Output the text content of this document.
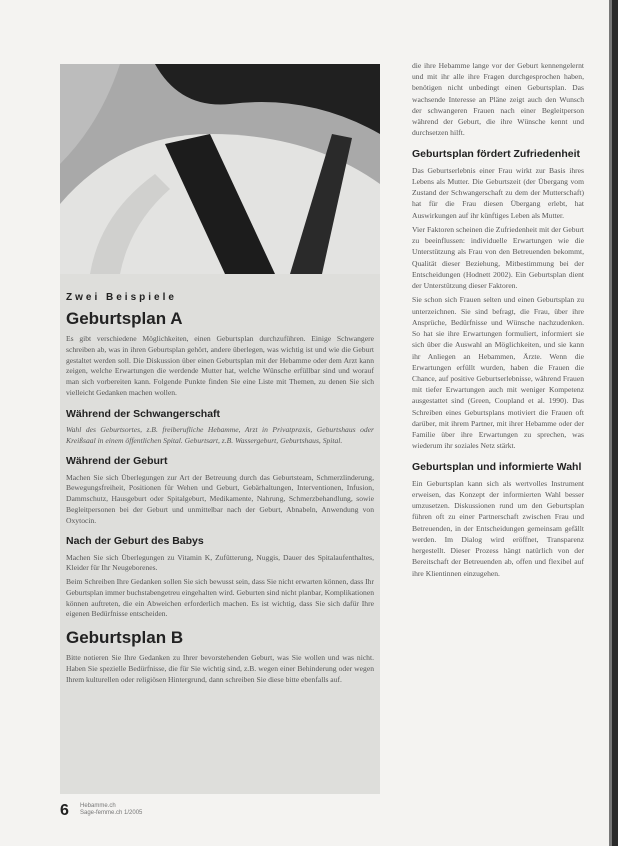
Zwei Beispiele
Geburtsplan A

Es gibt verschiedene Möglichkeiten, einen Geburtsplan durchzuführen. Einige Schwangere schreiben ab, was in ihren Geburtsplan gehört, andere überlegen, was wichtig ist und wie die Geburt gestaltet werden soll. Die Diskussion über einen Geburtsplan mit der Hebamme oder dem Arzt kann zeigen, welche Erwartungen die werdende Mutter hat, welche Wünsche erfüllbar sind und worauf man sich vorbereiten kann. Folgende Punkte finden Sie eine Liste mit Themen, zu denen Sie sich vielleicht Gedanken machen wollen.

Während der Schwangerschaft

Wahl des Geburtsortes, z.B. freiberufliche Hebamme, Arzt in Privatpraxis, Geburtshaus oder Kreißsaal in einem öffentlichen Spital. Geburtsart, z.B. Wassergeburt, Geburtshaus, Spital.

Während der Geburt

Machen Sie sich Überlegungen zur Art der Betreuung durch das Geburtsteam, Schmerzlinderung, Bewegungsfreiheit, Positionen für Wehen und Geburt, Gebärhaltungen, Interventionen, Infusion, Dammschutz, Hausgeburt oder Spitalgeburt, Medikamente, Nahrung, Schmerzbehandlung, sowie Begleitpersonen bei der Geburt und unmittelbar nach der Geburt, Abnabeln, Anwendung von Oxytocin.

Nach der Geburt des Babys

Machen Sie sich Überlegungen zu Vitamin K, Zufütterung, Nuggis, Dauer des Spitalaufenthaltes, Kleider für Ihr Neugeborenes.

Beim Schreiben Ihre Gedanken sollen Sie sich bewusst sein, dass Sie nicht erwarten können, dass Ihr Geburtsplan immer buchstabengetreu eingehalten wird. Geburten sind nicht planbar, Komplikationen können auftreten, die ein Abweichen erforderlich machen. Es ist wichtig, dass Sie sich dafür Ihre eigenen Bedürfnisse entscheiden.

Geburtsplan B

Bitte notieren Sie Ihre Gedanken zu Ihrer bevorstehenden Geburt, was Sie wollen und was nicht. Haben Sie spezielle Bedürfnisse, die für Sie wichtig sind, z.B. wegen einer Behinderung oder wegen Ihrem kulturellen oder religiösen Hintergrund, dann schreiben Sie diese bitte ebenfalls auf.

die ihre Hebamme lange vor der Geburt kennengelernt und mit ihr alle ihre Fragen durchgesprochen haben, benötigen nicht unbedingt einen Geburtsplan. Das wachsende Interesse an Pläne zeigt auch den Wunsch der schwangeren Frauen nach einer Begleitperson während der Geburt, die ihre Wünsche kennt und durchsetzen hilft.

Geburtsplan fördert Zufriedenheit

Das Geburtserlebnis einer Frau wirkt zur Basis ihres Lebens als Mutter. Die Geburtszeit (der Übergang vom Zustand der Schwangerschaft zu dem der Mutterschaft) hat für die Frau diesen Übergang erlebt, hat Auswirkungen auf ihr künftiges Leben als Mutter.

Vier Faktoren scheinen die Zufriedenheit mit der Geburt zu beeinflussen: individuelle Erwartungen wie die Unterstützung als Frau von den Betreuenden bekommt, Qualität dieser Beziehung, Mitbestimmung bei der Entscheidungen (Hodnett 2002). Ein Geburtsplan dient der Unterstützung dieser Faktoren.

Sie schon sich Frauen selten und einen Geburtsplan zu unterzeichnen. Sie sind befragt, die Frau, über ihre Ansprüche, Bedürfnisse und Wünsche nachzudenken. So hat sie ihre Erwartungen formuliert, informiert sie sich über die Auswahl an Möglichkeiten, und sie kann ihr Anliegen an Hebammen, Ärzte. Wenn die Erwartungen erfüllt wurden, haben die Frauen die Chance, auf positive Geburtserlebnisse, während Frauen mit tiefer Erwartungen auch mit weniger Kompetenz ausgestattet sind (Green, Coupland et al. 1990). Das Schreiben eines Geburtsplans motiviert die Frauen oft darüber, mit ihrem Partner, mit ihrer Hebamme oder der Familie über ihre Erwartungen zu sprechen, was wiederum ihr soziales Netz stärkt.

Geburtsplan und informierte Wahl

Ein Geburtsplan kann sich als wertvolles Instrument erweisen, das Konzept der informierten Wahl besser umzusetzen. Diskussionen rund um den Geburtsplan führen oft zu einer Partnerschaft zwischen Frau und Betreuenden, in der Entscheidungen gemeinsam gefällt werden. Im Dialog wird eröffnet, Transparenz hergestellt. Dieser Prozess hängt natürlich von der Bereitschaft der Betreuenden ab, offen und flexibel auf ihre Klientinnen einzugehen.

6 Hebamme.ch
Sage-femme.ch 1/2005
